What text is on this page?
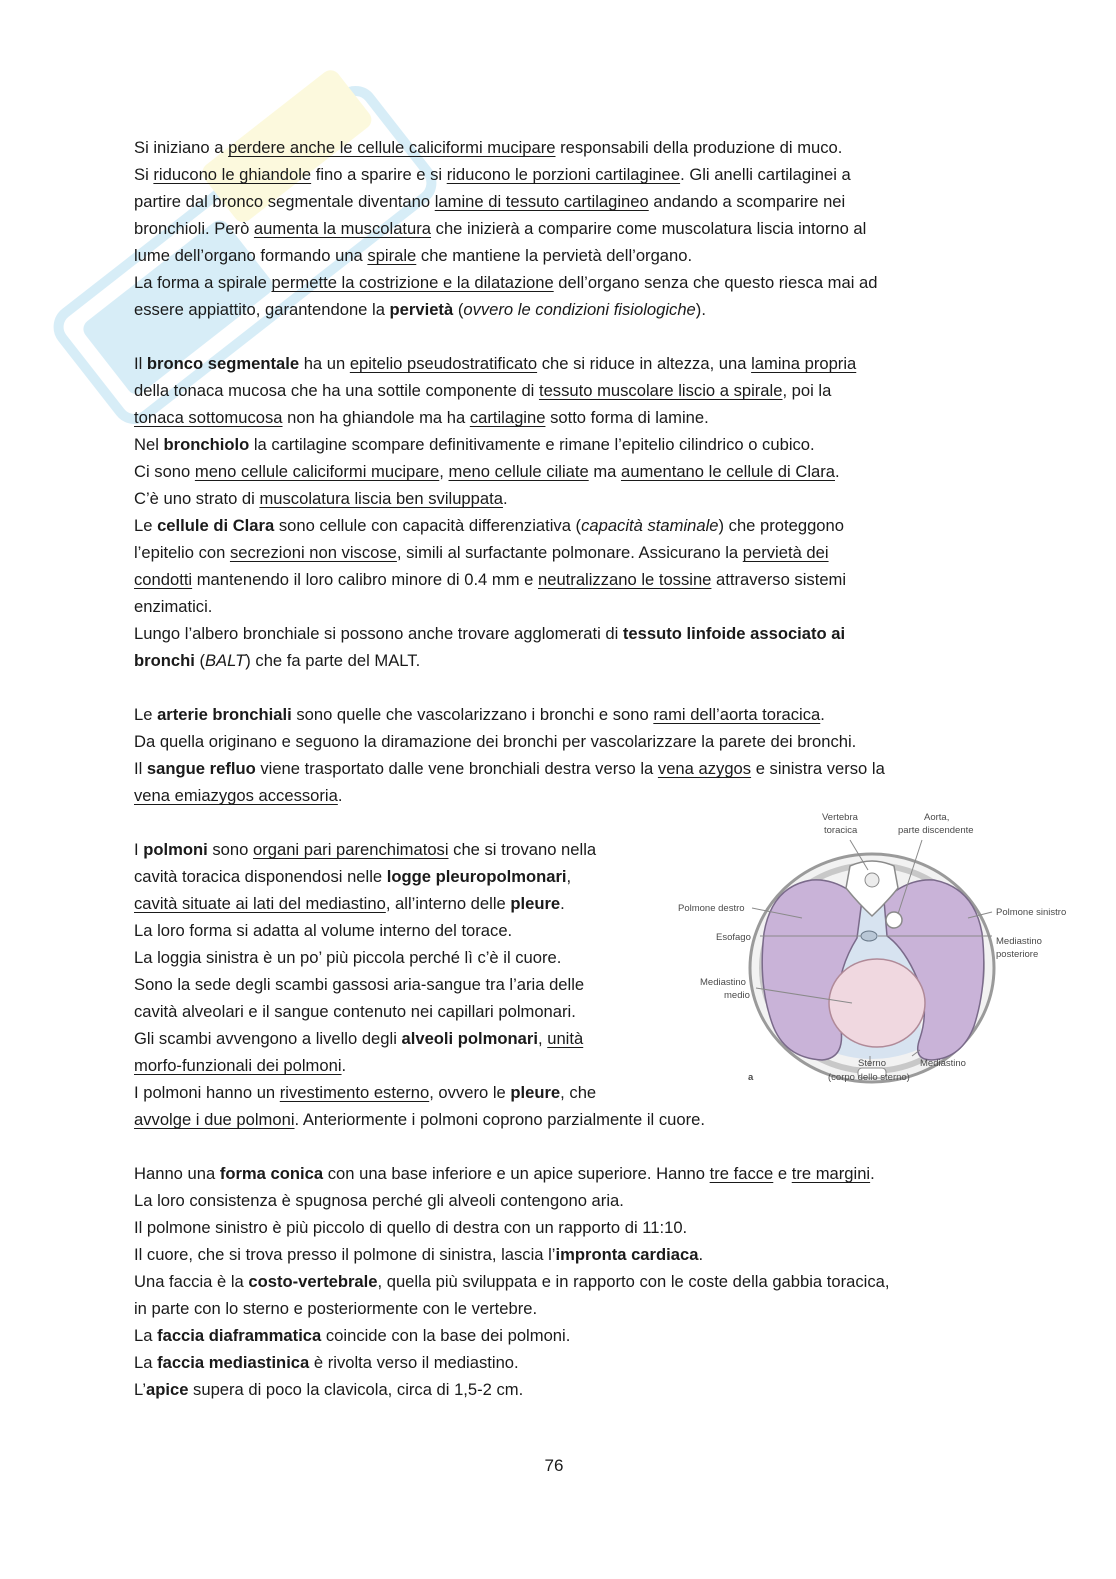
Si iniziano a perdere anche le cellule caliciformi mucipare responsabili della produzione di muco.
Si riducono le ghiandole fino a sparire e si riducono le porzioni cartilaginee. Gli anelli cartilaginei a
partire dal bronco segmentale diventano lamine di tessuto cartilagineo andando a scomparire nei
bronchioli. Però aumenta la muscolatura che inizierà a comparire come muscolatura liscia intorno al
lume dell’organo formando una spirale che mantiene la pervietà dell’organo.
La forma a spirale permette la costrizione e la dilatazione dell’organo senza che questo riesca mai ad
essere appiattito, garantendone la pervietà (ovvero le condizioni fisiologiche).
Il bronco segmentale ha un epitelio pseudostratificato che si riduce in altezza, una lamina propria
della tonaca mucosa che ha una sottile componente di tessuto muscolare liscio a spirale, poi la
tonaca sottomucosa non ha ghiandole ma ha cartilagine sotto forma di lamine.
Nel bronchiolo la cartilagine scompare definitivamente e rimane l’epitelio cilindrico o cubico.
Ci sono meno cellule caliciformi mucipare, meno cellule ciliate ma aumentano le cellule di Clara.
C’è uno strato di muscolatura liscia ben sviluppata.
Le cellule di Clara sono cellule con capacità differenziativa (capacità staminale) che proteggono
l’epitelio con secrezioni non viscose, simili al surfactante polmonare. Assicurano la pervietà dei
condotti mantenendo il loro calibro minore di 0.4 mm e neutralizzano le tossine attraverso sistemi
enzimatici.
Lungo l’albero bronchiale si possono anche trovare agglomerati di tessuto linfoide associato ai
bronchi (BALT) che fa parte del MALT.
Le arterie bronchiali sono quelle che vascolarizzano i bronchi e sono rami dell’aorta toracica.
Da quella originano e seguono la diramazione dei bronchi per vascolarizzare la parete dei bronchi.
Il sangue refluo viene trasportato dalle vene bronchiali destra verso la vena azygos e sinistra verso la
vena emiazygos accessoria.
I polmoni sono organi pari parenchimatosi che si trovano nella
cavità toracica disponendosi nelle logge pleuropolmonari,
cavità situate ai lati del mediastino, all’interno delle pleure.
La loro forma si adatta al volume interno del torace.
La loggia sinistra è un po’ più piccola perché lì c’è il cuore.
Sono la sede degli scambi gassosi aria-sangue tra l’aria delle
cavità alveolari e il sangue contenuto nei capillari polmonari.
Gli scambi avvengono a livello degli alveoli polmonari, unità
morfo-funzionali dei polmoni.
I polmoni hanno un rivestimento esterno, ovvero le pleure, che
avvolge i due polmoni. Anteriormente i polmoni coprono parzialmente il cuore.
Vertebra
toracica
Aorta,
parte discendente
Polmone destro	Polmone sinistro
Esofago	Mediastino
posteriore
Mediastino
medio
Sterno
(corpo dello sterno)
Mediastino
a
Hanno una forma conica con una base inferiore e un apice superiore. Hanno tre facce e tre margini.
La loro consistenza è spugnosa perché gli alveoli contengono aria.
Il polmone sinistro è più piccolo di quello di destra con un rapporto di 11:10.
Il cuore, che si trova presso il polmone di sinistra, lascia l’impronta cardiaca.
Una faccia è la costo-vertebrale, quella più sviluppata e in rapporto con le coste della gabbia toracica,
in parte con lo sterno e posteriormente con le vertebre.
La faccia diaframmatica coincide con la base dei polmoni.
La faccia mediastinica è rivolta verso il mediastino.
L’apice supera di poco la clavicola, circa di 1,5-2 cm.
76
